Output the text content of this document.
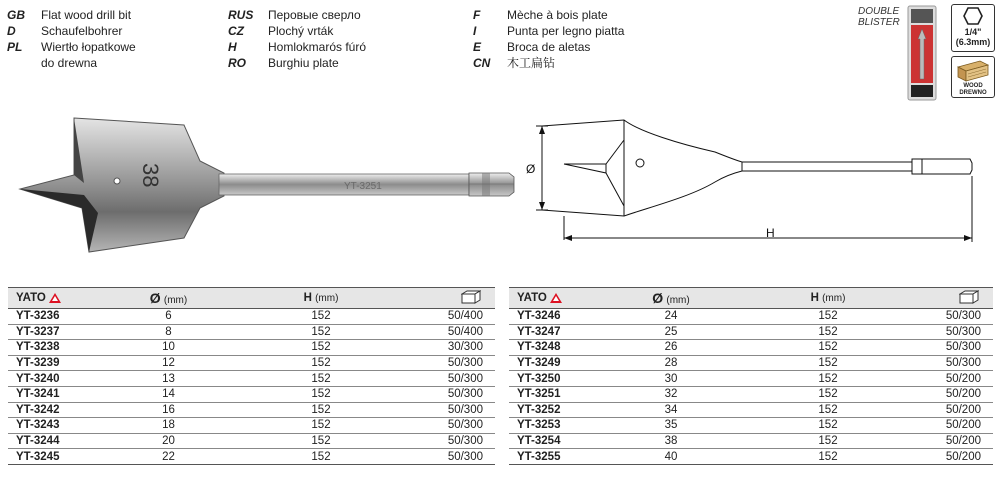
GB	Flat wood drill bit
D	Schaufelbohrer
PL	Wiertło łopatkowe
do drewna
RUS	Перовые сверло
CZ	Plochý vrták
H	Homlokmarós fúró
RO	Burghiu plate
F	Mèche à bois plate
I	Punta per legno piatta
E	Broca de aletas
CN	木工扁钻
DOUBLE
BLISTER
1/4"
(6.3mm)
WOOD
DREWNO
38	YT-3251
Ø
H
YATO	Ø (mm)	H (mm)	
YT-3236	6	152	50/400
YT-3237	8	152	50/400
YT-3238	10	152	30/300
YT-3239	12	152	50/300
YT-3240	13	152	50/300
YT-3241	14	152	50/300
YT-3242	16	152	50/300
YT-3243	18	152	50/300
YT-3244	20	152	50/300
YT-3245	22	152	50/300
YATO	Ø (mm)	H (mm)	
YT-3246	24	152	50/300
YT-3247	25	152	50/300
YT-3248	26	152	50/300
YT-3249	28	152	50/300
YT-3250	30	152	50/200
YT-3251	32	152	50/200
YT-3252	34	152	50/200
YT-3253	35	152	50/200
YT-3254	38	152	50/200
YT-3255	40	152	50/200
